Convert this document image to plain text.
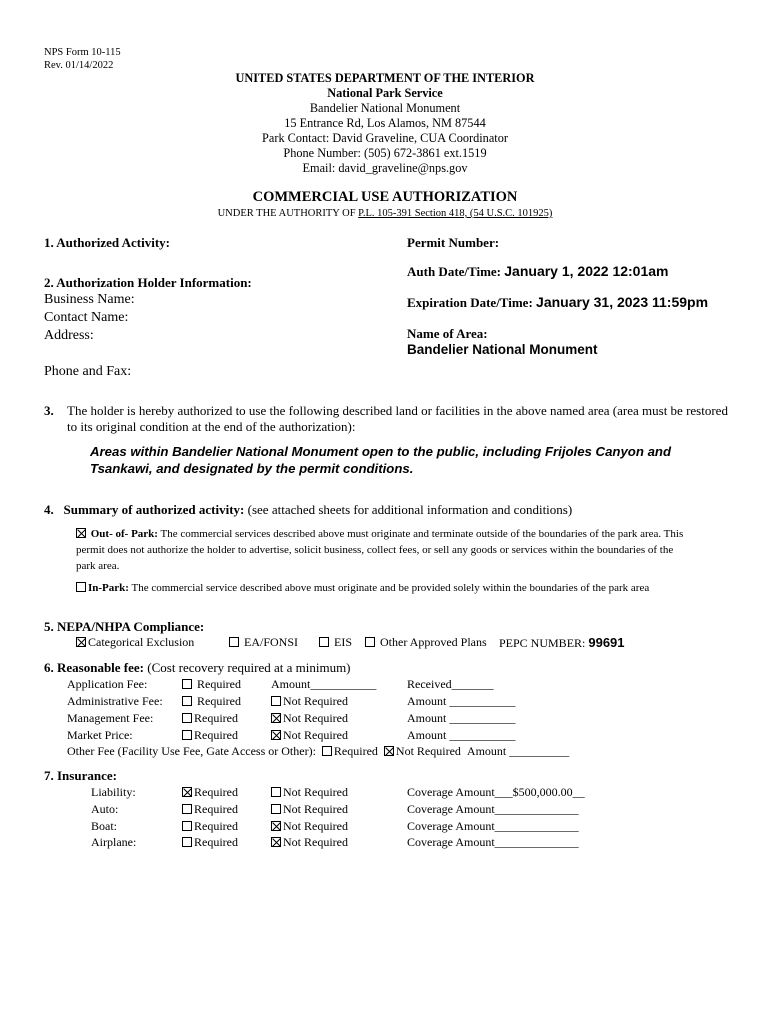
NPS Form 10-115
Rev. 01/14/2022
UNITED STATES DEPARTMENT OF THE INTERIOR
National Park Service
Bandelier National Monument
15 Entrance Rd, Los Alamos, NM 87544
Park Contact: David Graveline, CUA Coordinator
Phone Number: (505) 672-3861 ext.1519
Email: david_graveline@nps.gov
COMMERCIAL USE AUTHORIZATION
UNDER THE AUTHORITY OF P.L. 105-391 Section 418, (54 U.S.C. 101925)
1. Authorized Activity:	Permit Number:
Auth Date/Time: January 1, 2022 12:01am
Expiration Date/Time: January 31, 2023 11:59pm
Name of Area:
Bandelier National Monument
2. Authorization Holder Information:
Business Name:
Contact Name:
Address:
Phone and Fax:
3. The holder is hereby authorized to use the following described land or facilities in the above named area (area must be restored to its original condition at the end of the authorization):
Areas within Bandelier National Monument open to the public, including Frijoles Canyon and Tsankawi, and designated by the permit conditions.
4. Summary of authorized activity: (see attached sheets for additional information and conditions)
Out- of- Park: The commercial services described above must originate and terminate outside of the boundaries of the park area. This permit does not authorize the holder to advertise, solicit business, collect fees, or sell any goods or services within the boundaries of the park area.
In-Park: The commercial service described above must originate and be provided solely within the boundaries of the park area
5. NEPA/NHPA Compliance:
Categorical Exclusion	EA/FONSI	EIS	Other Approved Plans PEPC NUMBER: 99691
6. Reasonable fee: (Cost recovery required at a minimum)
Application Fee:	Required	Amount___________	Received_______
Administrative Fee:	Required	Not Required	Amount ___________
Management Fee:	Required	Not Required	Amount ___________
Market Price:	Required	Not Required	Amount ___________
Other Fee (Facility Use Fee, Gate Access or Other): Required Not Required Amount __________
7. Insurance:
Liability:	Required	Not Required	Coverage Amount___$500,000.00__
Auto:	Required	Not Required	Coverage Amount______________
Boat:	Required	Not Required	Coverage Amount______________
Airplane:	Required	Not Required	Coverage Amount______________
